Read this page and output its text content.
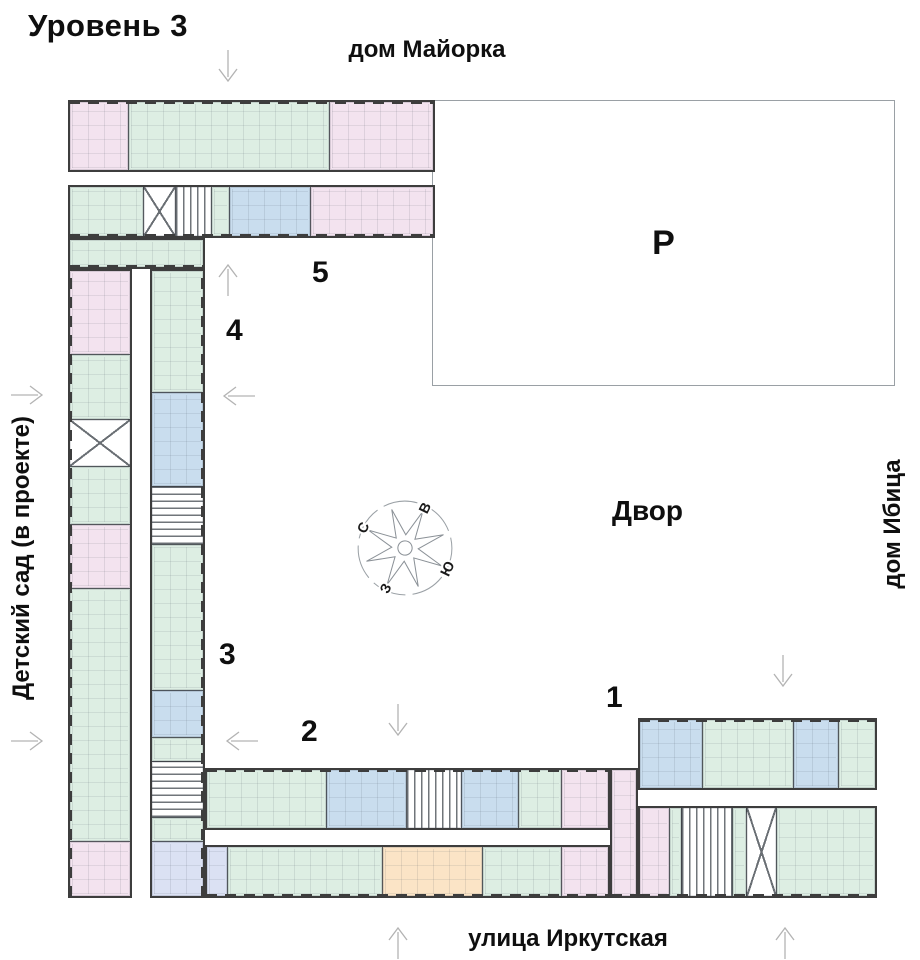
Уровень 3
дом Майорка
Детский сад (в проекте)	дом Ибица
улица Иркутская
Двор
Р
1
2
3
4
5
С
В
Ю
З
